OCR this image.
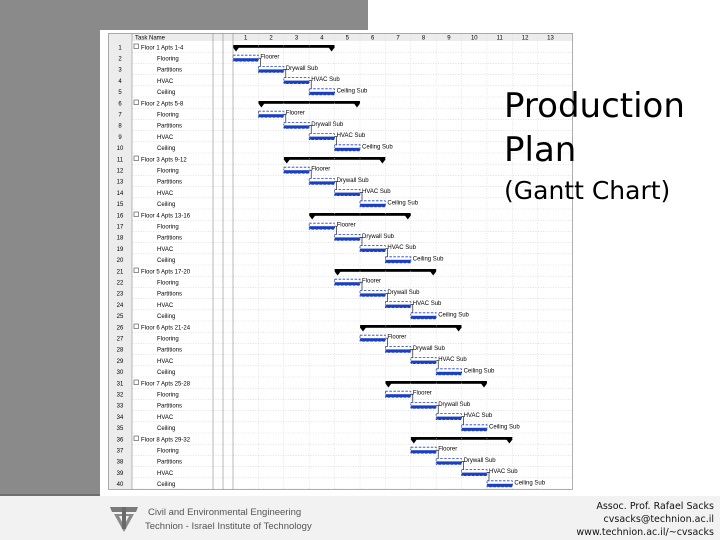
Task Name	1	2	3	4	5	6	7	8	9	10	11	12	13
1	Floor 1 Apts 1-4
2	Flooring	Floorer
3	Partitions	Drywall Sub
4	HVAC	HVAC Sub
5	Ceiling	Ceiling Sub
6	Floor 2 Apts 5-8
7	Flooring	Floorer
8	Partitions	Drywall Sub
9	HVAC	HVAC Sub
10	Ceiling	Ceiling Sub
11	Floor 3 Apts 9-12
12	Flooring	Floorer
13	Partitions	Drywall Sub
14	HVAC	HVAC Sub
15	Ceiling	Ceiling Sub
16	Floor 4 Apts 13-16
17	Flooring	Floorer
18	Partitions	Drywall Sub
19	HVAC	HVAC Sub
20	Ceiling	Ceiling Sub
21	Floor 5 Apts 17-20
22	Flooring	Floorer
23	Partitions	Drywall Sub
24	HVAC	HVAC Sub
25	Ceiling	Ceiling Sub
26	Floor 6 Apts 21-24
27	Flooring	Floorer
28	Partitions	Drywall Sub
29	HVAC	HVAC Sub
30	Ceiling	Ceiling Sub
31	Floor 7 Apts 25-28
32	Flooring	Floorer
33	Partitions	Drywall Sub
34	HVAC	HVAC Sub
35	Ceiling	Ceiling Sub
36	Floor 8 Apts 29-32
37	Flooring	Floorer
38	Partitions	Drywall Sub
39	HVAC	HVAC Sub
40	Ceiling	Ceiling Sub
Production
Plan
(Gantt Chart)
Civil and Environmental Engineering
Technion - Israel Institute of Technology
Assoc. Prof. Rafael Sacks
cvsacks@technion.ac.il
www.technion.ac.il/~cvsacks
